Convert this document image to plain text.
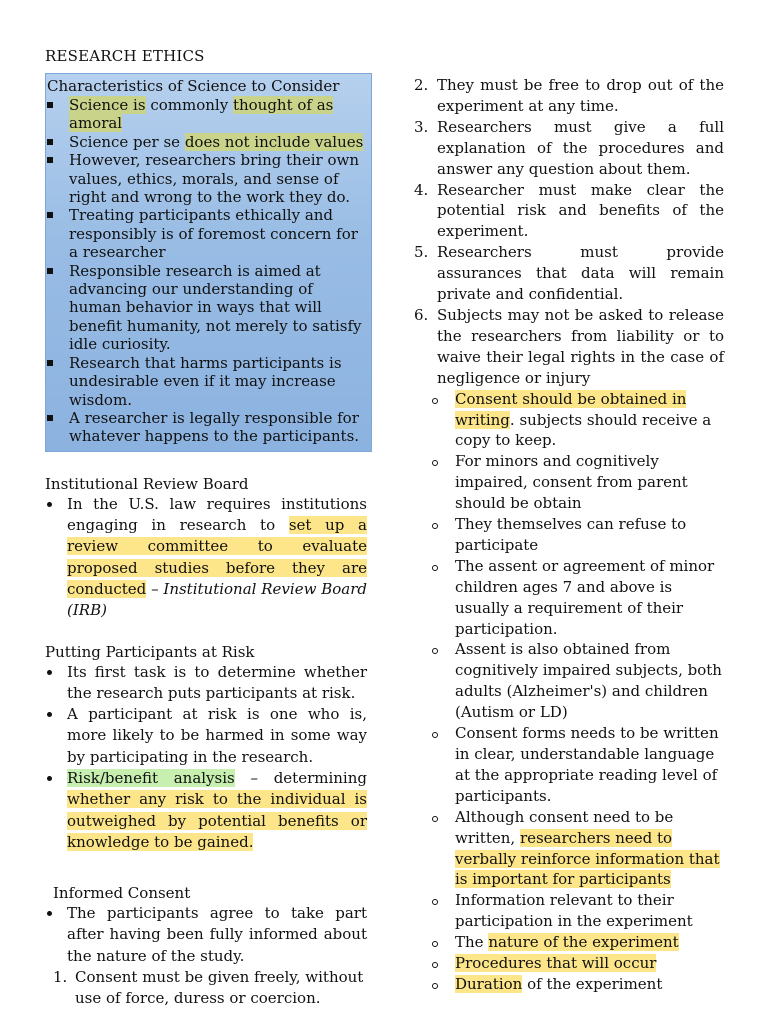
RESEARCH ETHICS
Characteristics of Science to Consider
Science is commonly thought of as amoral
Science per se does not include values
However, researchers bring their own values, ethics, morals, and sense of right and wrong to the work they do.
Treating participants ethically and responsibly is of foremost concern for a researcher
Responsible research is aimed at advancing our understanding of human behavior in ways that will benefit humanity, not merely to satisfy idle curiosity.
Research that harms participants is undesirable even if it may increase wisdom.
A researcher is legally responsible for whatever happens to the participants.
Institutional Review Board
In the U.S. law requires institutions engaging in research to set up a review committee to evaluate proposed studies before they are conducted – Institutional Review Board (IRB)
Putting Participants at Risk
Its first task is to determine whether the research puts participants at risk.
A participant at risk is one who is, more likely to be harmed in some way by participating in the research.
Risk/benefit analysis – determining whether any risk to the individual is outweighed by potential benefits or knowledge to be gained.
Informed Consent
The participants agree to take part after having been fully informed about the nature of the study.
1. Consent must be given freely, without use of force, duress or coercion.
2. They must be free to drop out of the experiment at any time.
3. Researchers must give a full explanation of the procedures and answer any question about them.
4. Researcher must make clear the potential risk and benefits of the experiment.
5. Researchers must provide assurances that data will remain private and confidential.
6. Subjects may not be asked to release the researchers from liability or to waive their legal rights in the case of negligence or injury
Consent should be obtained in writing. subjects should receive a copy to keep.
For minors and cognitively impaired, consent from parent should be obtain
They themselves can refuse to participate
The assent or agreement of minor children ages 7 and above is usually a requirement of their participation.
Assent is also obtained from cognitively impaired subjects, both adults (Alzheimer's) and children (Autism or LD)
Consent forms needs to be written in clear, understandable language at the appropriate reading level of participants.
Although consent need to be written, researchers need to verbally reinforce information that is important for participants
Information relevant to their participation in the experiment
The nature of the experiment
Procedures that will occur
Duration of the experiment
